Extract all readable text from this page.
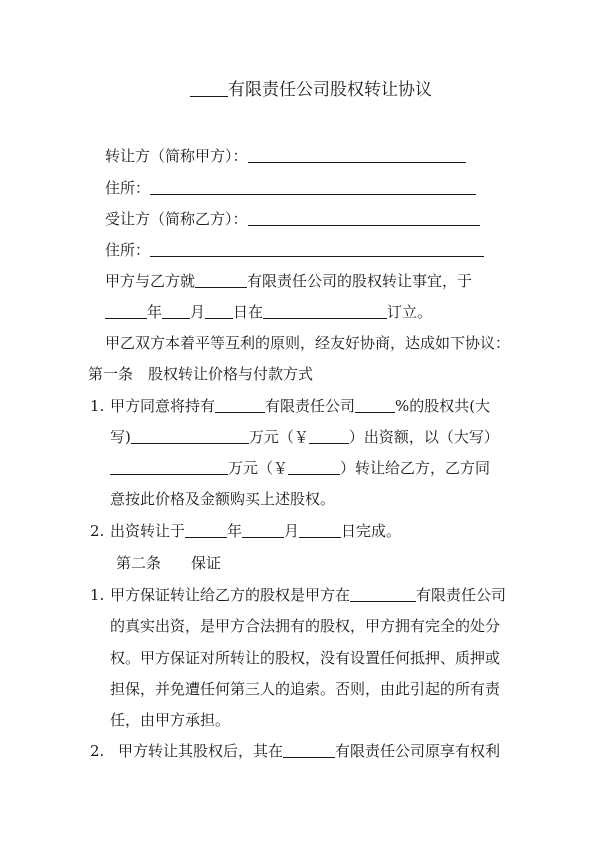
有限责任公司股权转让协议
转让方（简称甲方）：
住所：
受让方（简称乙方）：
住所：
甲方与乙方就	有限责任公司的股权转让事宜，于
年 月 日在	订立。
甲乙双方本着平等互利的原则，经友好协商，达成如下协议：
第一条　股权转让价格与付款方式
1. 甲方同意将持有	有限责任公司	%的股权共(大
写)	万元（￥	）出资额，以（大写）
万元（￥	）转让给乙方，乙方同
意按此价格及金额购买上述股权。
2. 出资转让于	年	月	日完成。
第二条　　保证
1. 甲方保证转让给乙方的股权是甲方在	有限责任公司
的真实出资，是甲方合法拥有的股权，甲方拥有完全的处分
权。甲方保证对所转让的股权，没有设置任何抵押、质押或
担保，并免遭任何第三人的追索。否则，由此引起的所有责
任，由甲方承担。
2. 甲方转让其股权后，其在	有限责任公司原享有权利
